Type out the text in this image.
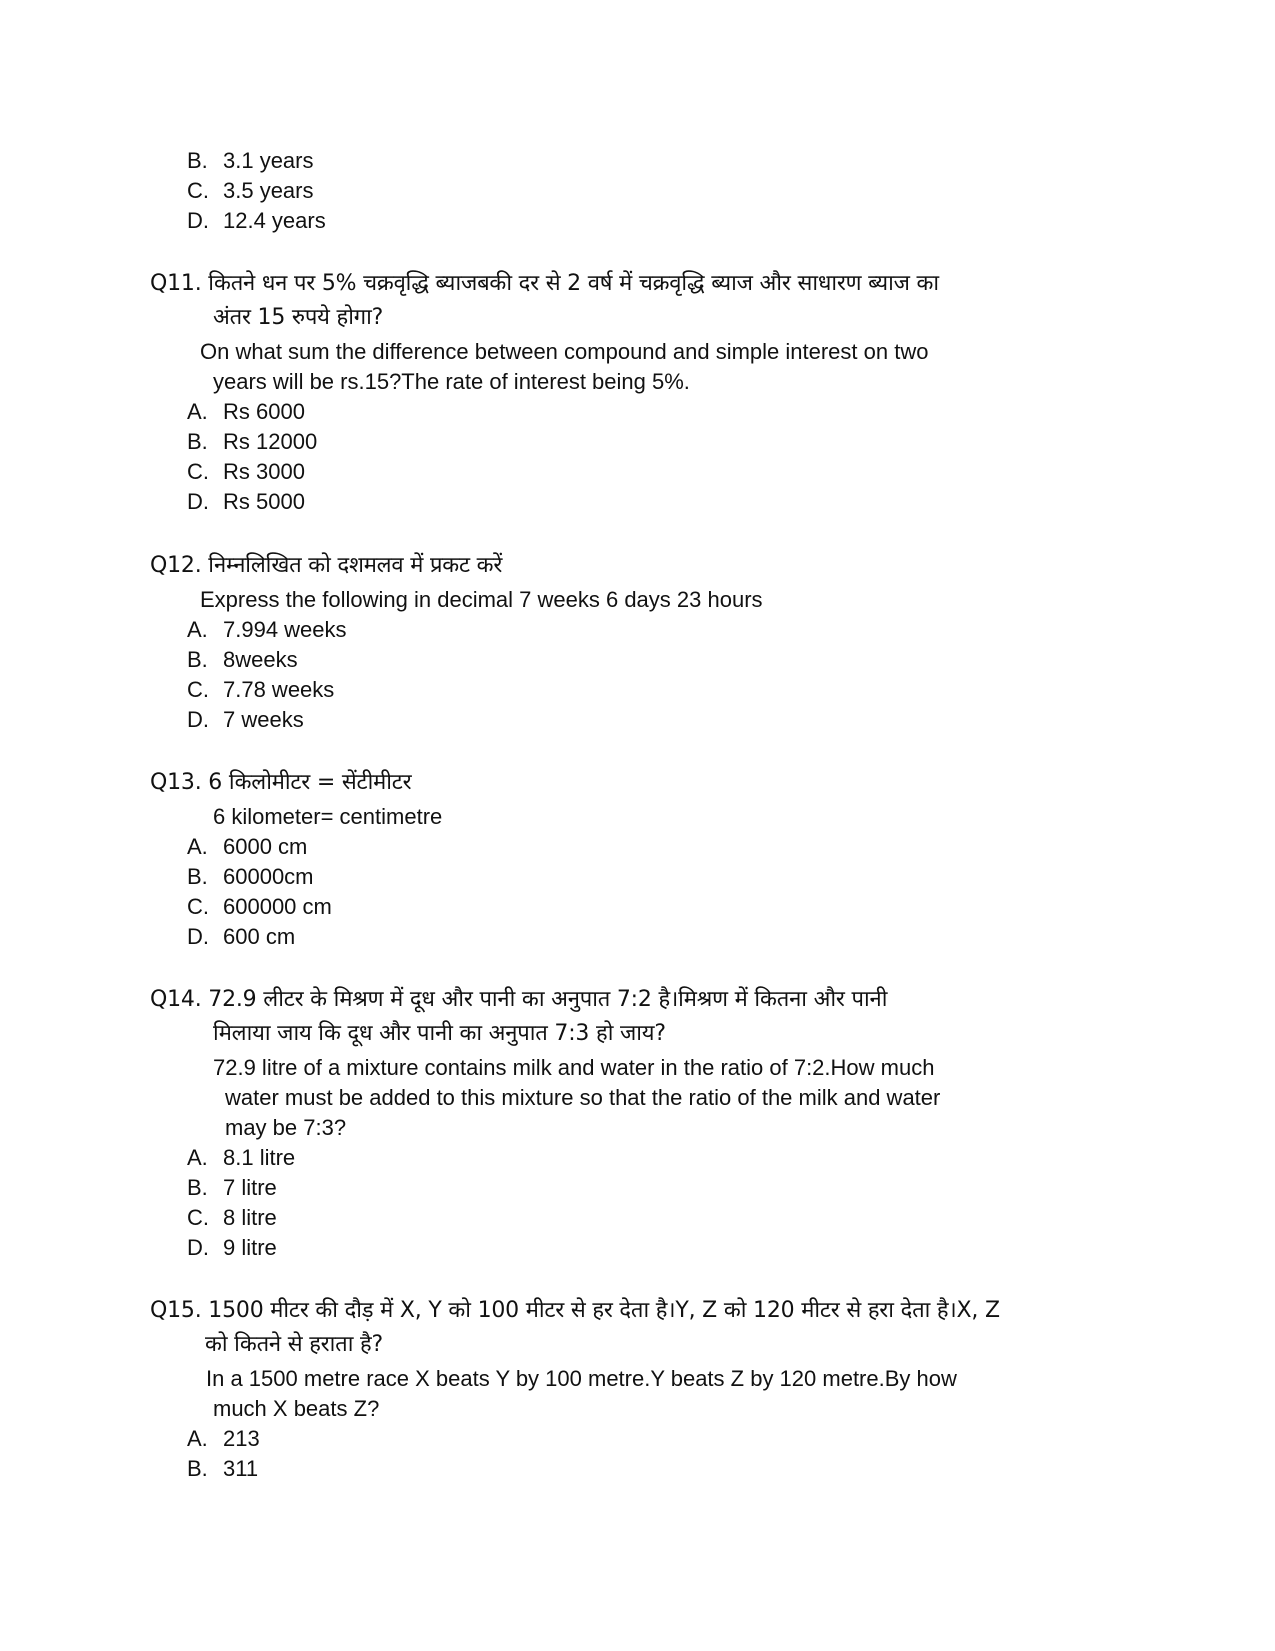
B. 3.1 years
C. 3.5 years
D. 12.4 years
Q11. कितने धन पर 5% चक्रवृद्धि ब्याजबकी दर से 2 वर्ष में चक्रवृद्धि ब्याज और साधारण ब्याज का
अंतर 15 रुपये होगा?
On what sum the difference between compound and simple interest on two
years will be rs.15?The rate of interest being 5%.
A. Rs 6000
B. Rs 12000
C. Rs 3000
D. Rs 5000
Q12. निम्नलिखित को दशमलव में प्रकट करें
Express the following in decimal 7 weeks 6 days 23 hours
A. 7.994 weeks
B. 8weeks
C. 7.78 weeks
D. 7 weeks
Q13. 6 किलोमीटर = सेंटीमीटर
6 kilometer= centimetre
A. 6000 cm
B. 60000cm
C. 600000 cm
D. 600 cm
Q14. 72.9 लीटर के मिश्रण में दूध और पानी का अनुपात 7:2 है।मिश्रण में कितना और पानी
मिलाया जाय कि दूध और पानी का अनुपात 7:3 हो जाय?
72.9 litre of a mixture contains milk and water in the ratio of 7:2.How much
water must be added to this mixture so that the ratio of the milk and water
may be 7:3?
A. 8.1 litre
B. 7 litre
C. 8 litre
D. 9 litre
Q15. 1500 मीटर की दौड़ में X, Y को 100 मीटर से हर देता है।Y, Z को 120 मीटर से हरा देता है।X, Z
को कितने से हराता है?
In a 1500 metre race X beats Y by 100 metre.Y beats Z by 120 metre.By how
much X beats Z?
A. 213
B. 311
